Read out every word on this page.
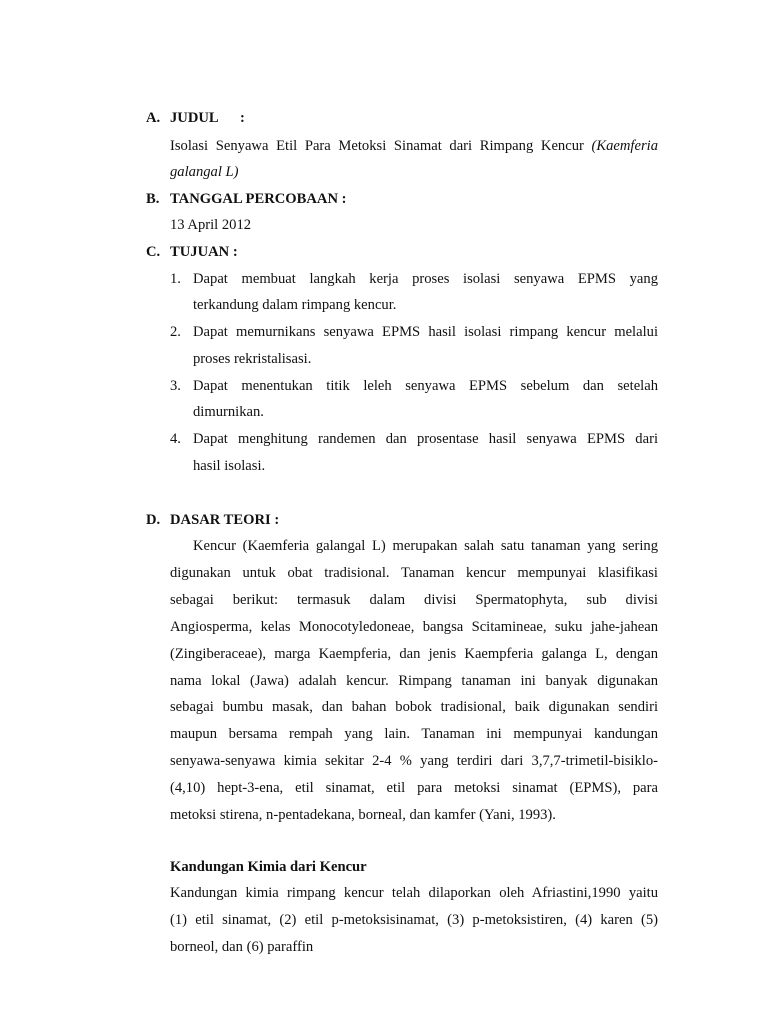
A. JUDUL :
Isolasi Senyawa Etil Para Metoksi Sinamat dari Rimpang Kencur (Kaemferia
galangal L)
B. TANGGAL PERCOBAAN :
13 April 2012
C. TUJUAN :
1. Dapat membuat langkah kerja proses isolasi senyawa EPMS yang
terkandung dalam rimpang kencur.
2. Dapat memurnikans senyawa EPMS hasil isolasi rimpang kencur melalui
proses rekristalisasi.
3. Dapat menentukan titik leleh senyawa EPMS sebelum dan setelah
dimurnikan.
4. Dapat menghitung randemen dan prosentase hasil senyawa EPMS dari
hasil isolasi.
D. DASAR TEORI :
Kencur (Kaemferia galangal L) merupakan salah satu tanaman yang sering
digunakan untuk obat tradisional. Tanaman kencur mempunyai klasifikasi
sebagai berikut: termasuk dalam divisi Spermatophyta, sub divisi
Angiosperma, kelas Monocotyledoneae, bangsa Scitamineae, suku jahe-jahean
(Zingiberaceae), marga Kaempferia, dan jenis Kaempferia galanga L, dengan
nama lokal (Jawa) adalah kencur. Rimpang tanaman ini banyak digunakan
sebagai bumbu masak, dan bahan bobok tradisional, baik digunakan sendiri
maupun bersama rempah yang lain. Tanaman ini mempunyai kandungan
senyawa-senyawa kimia sekitar 2-4 % yang terdiri dari 3,7,7-trimetil-bisiklo-
(4,10) hept-3-ena, etil sinamat, etil para metoksi sinamat (EPMS), para
metoksi stirena, n-pentadekana, borneal, dan kamfer (Yani, 1993).
Kandungan Kimia dari Kencur
Kandungan kimia rimpang kencur telah dilaporkan oleh Afriastini,1990 yaitu
(1) etil sinamat, (2) etil p-metoksisinamat, (3) p-metoksistiren, (4) karen (5)
borneol, dan (6) paraffin
